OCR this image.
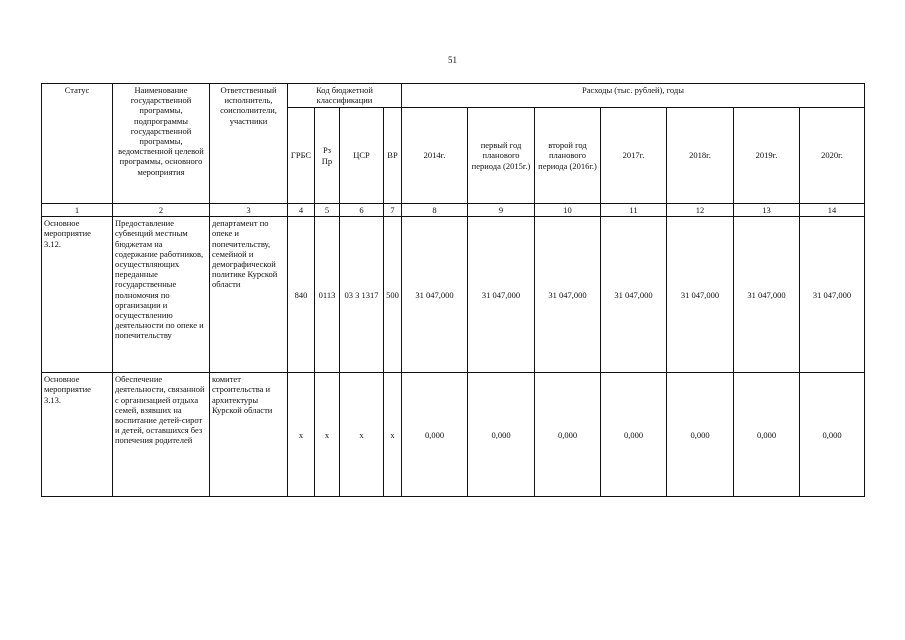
51
Статус	Наименование государственной программы, подпрограммы государственной программы, ведомственной целевой программы, основного мероприятия	Ответственный исполнитель, соисполнители, участники	Код бюджетной классификации				Расходы (тыс. рублей), годы						
			ГРБС	Рз Пр	ЦСР	ВР	2014г.	первый год планового периода (2015г.)	второй год планового периода (2016г.)	2017г.	2018г.	2019г.	2020г.
1	2	3	4	5	6	7	8	9	10	11	12	13	14
Основное мероприятие 3.12.	Предоставление субвенций местным бюджетам на содержание работников, осуществляющих переданные государственные полномочия по организации и осуществлению деятельности по опеке и попечительству	департамент по опеке и попечительству, семейной и демографической политике Курской области	840	0113	03 3 1317	500	31 047,000	31 047,000	31 047,000	31 047,000	31 047,000	31 047,000	31 047,000
Основное мероприятие 3.13.	Обеспечение деятельности, связанной с организацией отдыха семей, взявших на воспитание детей-сирот и детей, оставшихся без попечения родителей	комитет строительства и архитектуры Курской области	х	х	х	х	0,000	0,000	0,000	0,000	0,000	0,000	0,000
